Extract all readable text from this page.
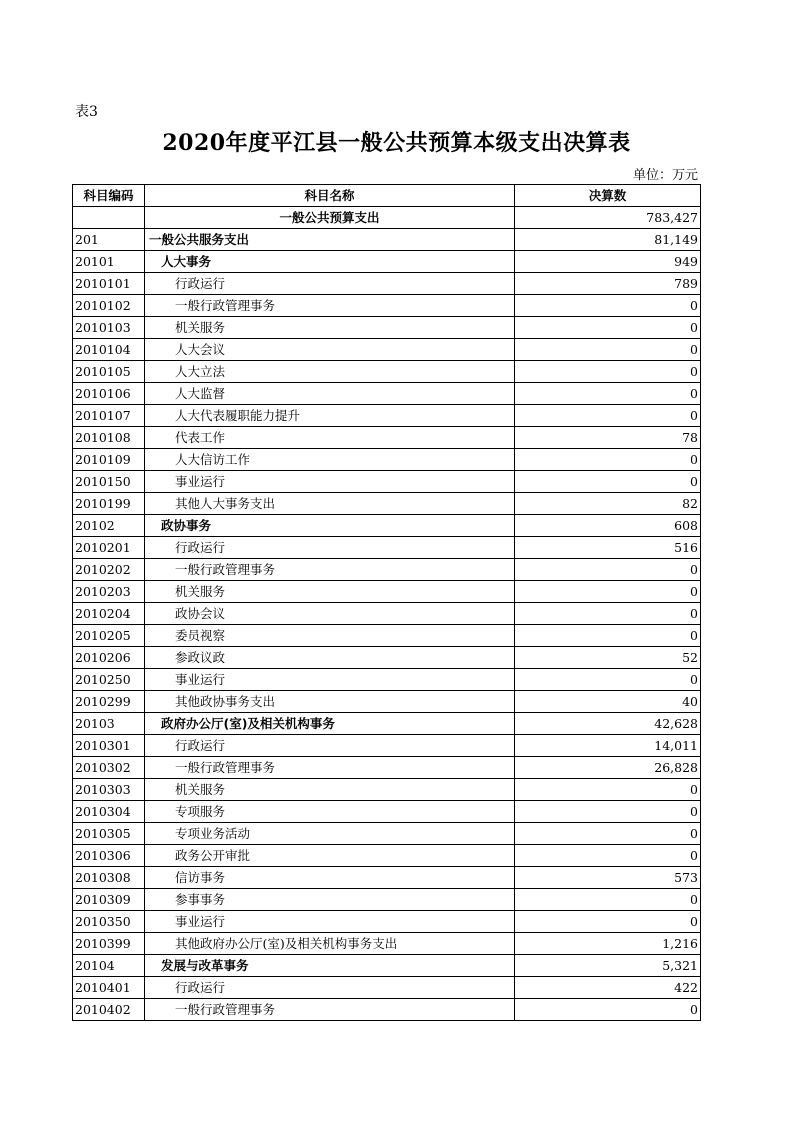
表3
2020年度平江县一般公共预算本级支出决算表
单位：万元
科目编码	科目名称	决算数
	一般公共预算支出	783,427
201	一般公共服务支出	81,149
20101	人大事务	949
2010101	行政运行	789
2010102	一般行政管理事务	0
2010103	机关服务	0
2010104	人大会议	0
2010105	人大立法	0
2010106	人大监督	0
2010107	人大代表履职能力提升	0
2010108	代表工作	78
2010109	人大信访工作	0
2010150	事业运行	0
2010199	其他人大事务支出	82
20102	政协事务	608
2010201	行政运行	516
2010202	一般行政管理事务	0
2010203	机关服务	0
2010204	政协会议	0
2010205	委员视察	0
2010206	参政议政	52
2010250	事业运行	0
2010299	其他政协事务支出	40
20103	政府办公厅(室)及相关机构事务	42,628
2010301	行政运行	14,011
2010302	一般行政管理事务	26,828
2010303	机关服务	0
2010304	专项服务	0
2010305	专项业务活动	0
2010306	政务公开审批	0
2010308	信访事务	573
2010309	参事事务	0
2010350	事业运行	0
2010399	其他政府办公厅(室)及相关机构事务支出	1,216
20104	发展与改革事务	5,321
2010401	行政运行	422
2010402	一般行政管理事务	0
